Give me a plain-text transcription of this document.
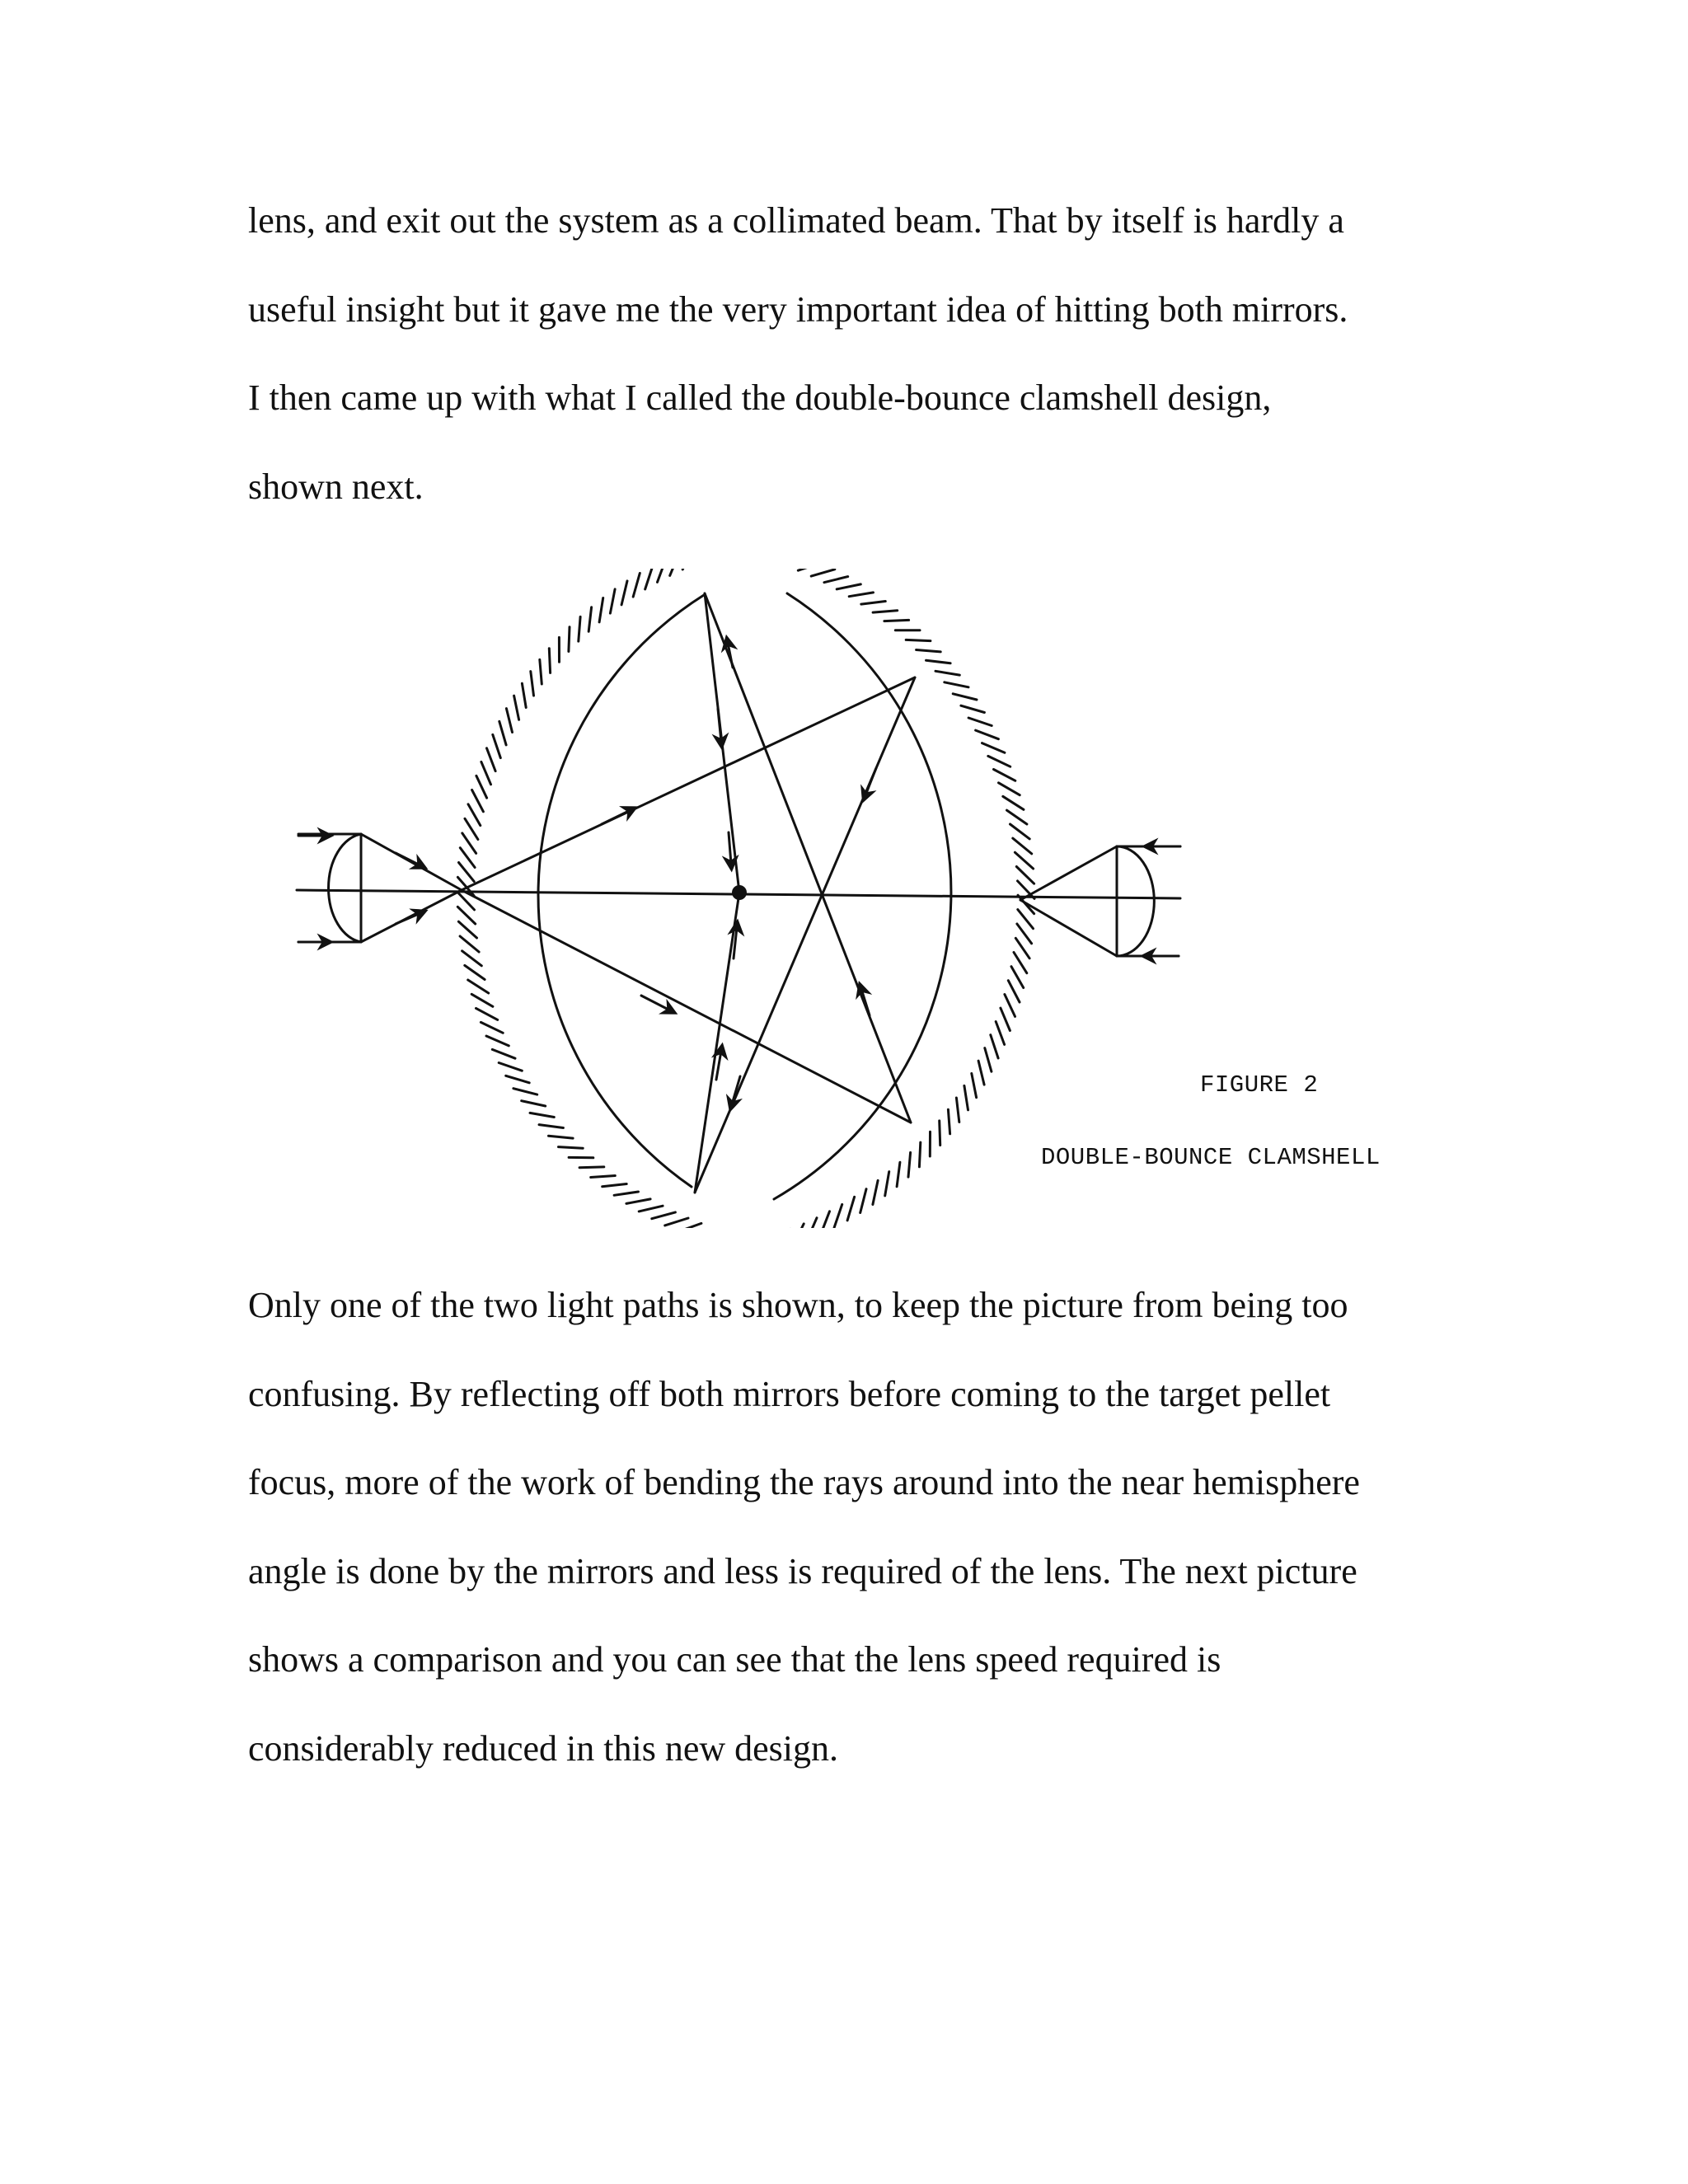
lens, and exit out the system as a collimated beam. That by itself is hardly a
useful insight but it gave me the very important idea of hitting both mirrors.
I then came up with what I called the double-bounce clamshell design,
shown next.
FIGURE 2
DOUBLE-BOUNCE CLAMSHELL
Only one of the two light paths is shown, to keep the picture from being too
confusing. By reflecting off both mirrors before coming to the target pellet
focus, more of the work of bending the rays around into the near hemisphere
angle is done by the mirrors and less is required of the lens. The next picture
shows a comparison and you can see that the lens speed required is
considerably reduced in this new design.
